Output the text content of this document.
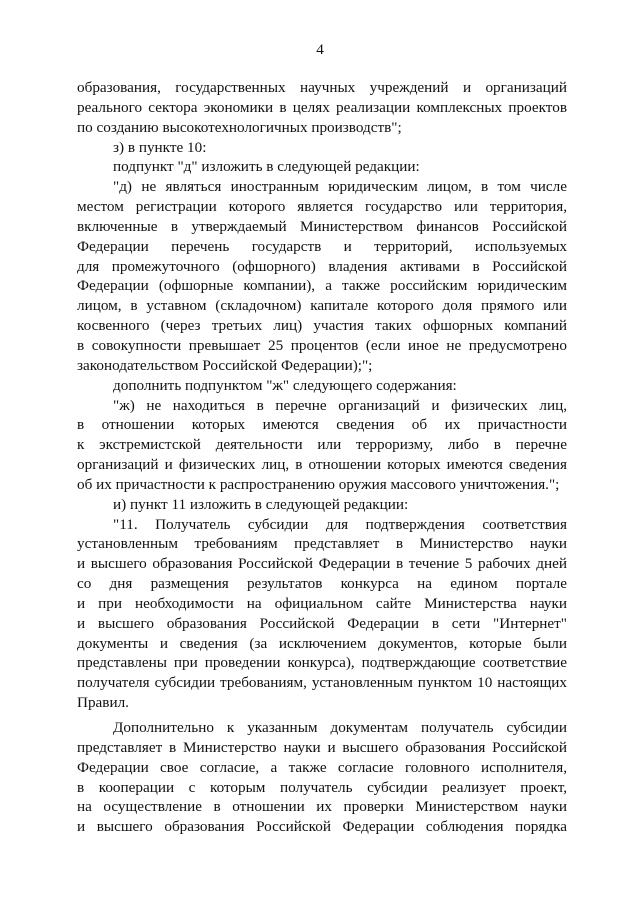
4
образования, государственных научных учреждений и организаций
реального сектора экономики в целях реализации комплексных проектов
по созданию высокотехнологичных производств";
з) в пункте 10:
подпункт "д" изложить в следующей редакции:
"д) не являться иностранным юридическим лицом, в том числе
местом регистрации которого является государство или территория,
включенные в утверждаемый Министерством финансов Российской
Федерации перечень государств и территорий, используемых
для промежуточного (офшорного) владения активами в Российской
Федерации (офшорные компании), а также российским юридическим
лицом, в уставном (складочном) капитале которого доля прямого или
косвенного (через третьих лиц) участия таких офшорных компаний
в совокупности превышает 25 процентов (если иное не предусмотрено
законодательством Российской Федерации);";
дополнить подпунктом "ж" следующего содержания:
"ж) не находиться в перечне организаций и физических лиц,
в отношении которых имеются сведения об их причастности
к экстремистской деятельности или терроризму, либо в перечне
организаций и физических лиц, в отношении которых имеются сведения
об их причастности к распространению оружия массового уничтожения.";
и) пункт 11 изложить в следующей редакции:
"11. Получатель субсидии для подтверждения соответствия
установленным требованиям представляет в Министерство науки
и высшего образования Российской Федерации в течение 5 рабочих дней
со дня размещения результатов конкурса на едином портале
и при необходимости на официальном сайте Министерства науки
и высшего образования Российской Федерации в сети "Интернет"
документы и сведения (за исключением документов, которые были
представлены при проведении конкурса), подтверждающие соответствие
получателя субсидии требованиям, установленным пунктом 10 настоящих
Правил.
Дополнительно к указанным документам получатель субсидии
представляет в Министерство науки и высшего образования Российской
Федерации свое согласие, а также согласие головного исполнителя,
в кооперации с которым получатель субсидии реализует проект,
на осуществление в отношении их проверки Министерством науки
и высшего образования Российской Федерации соблюдения порядка
